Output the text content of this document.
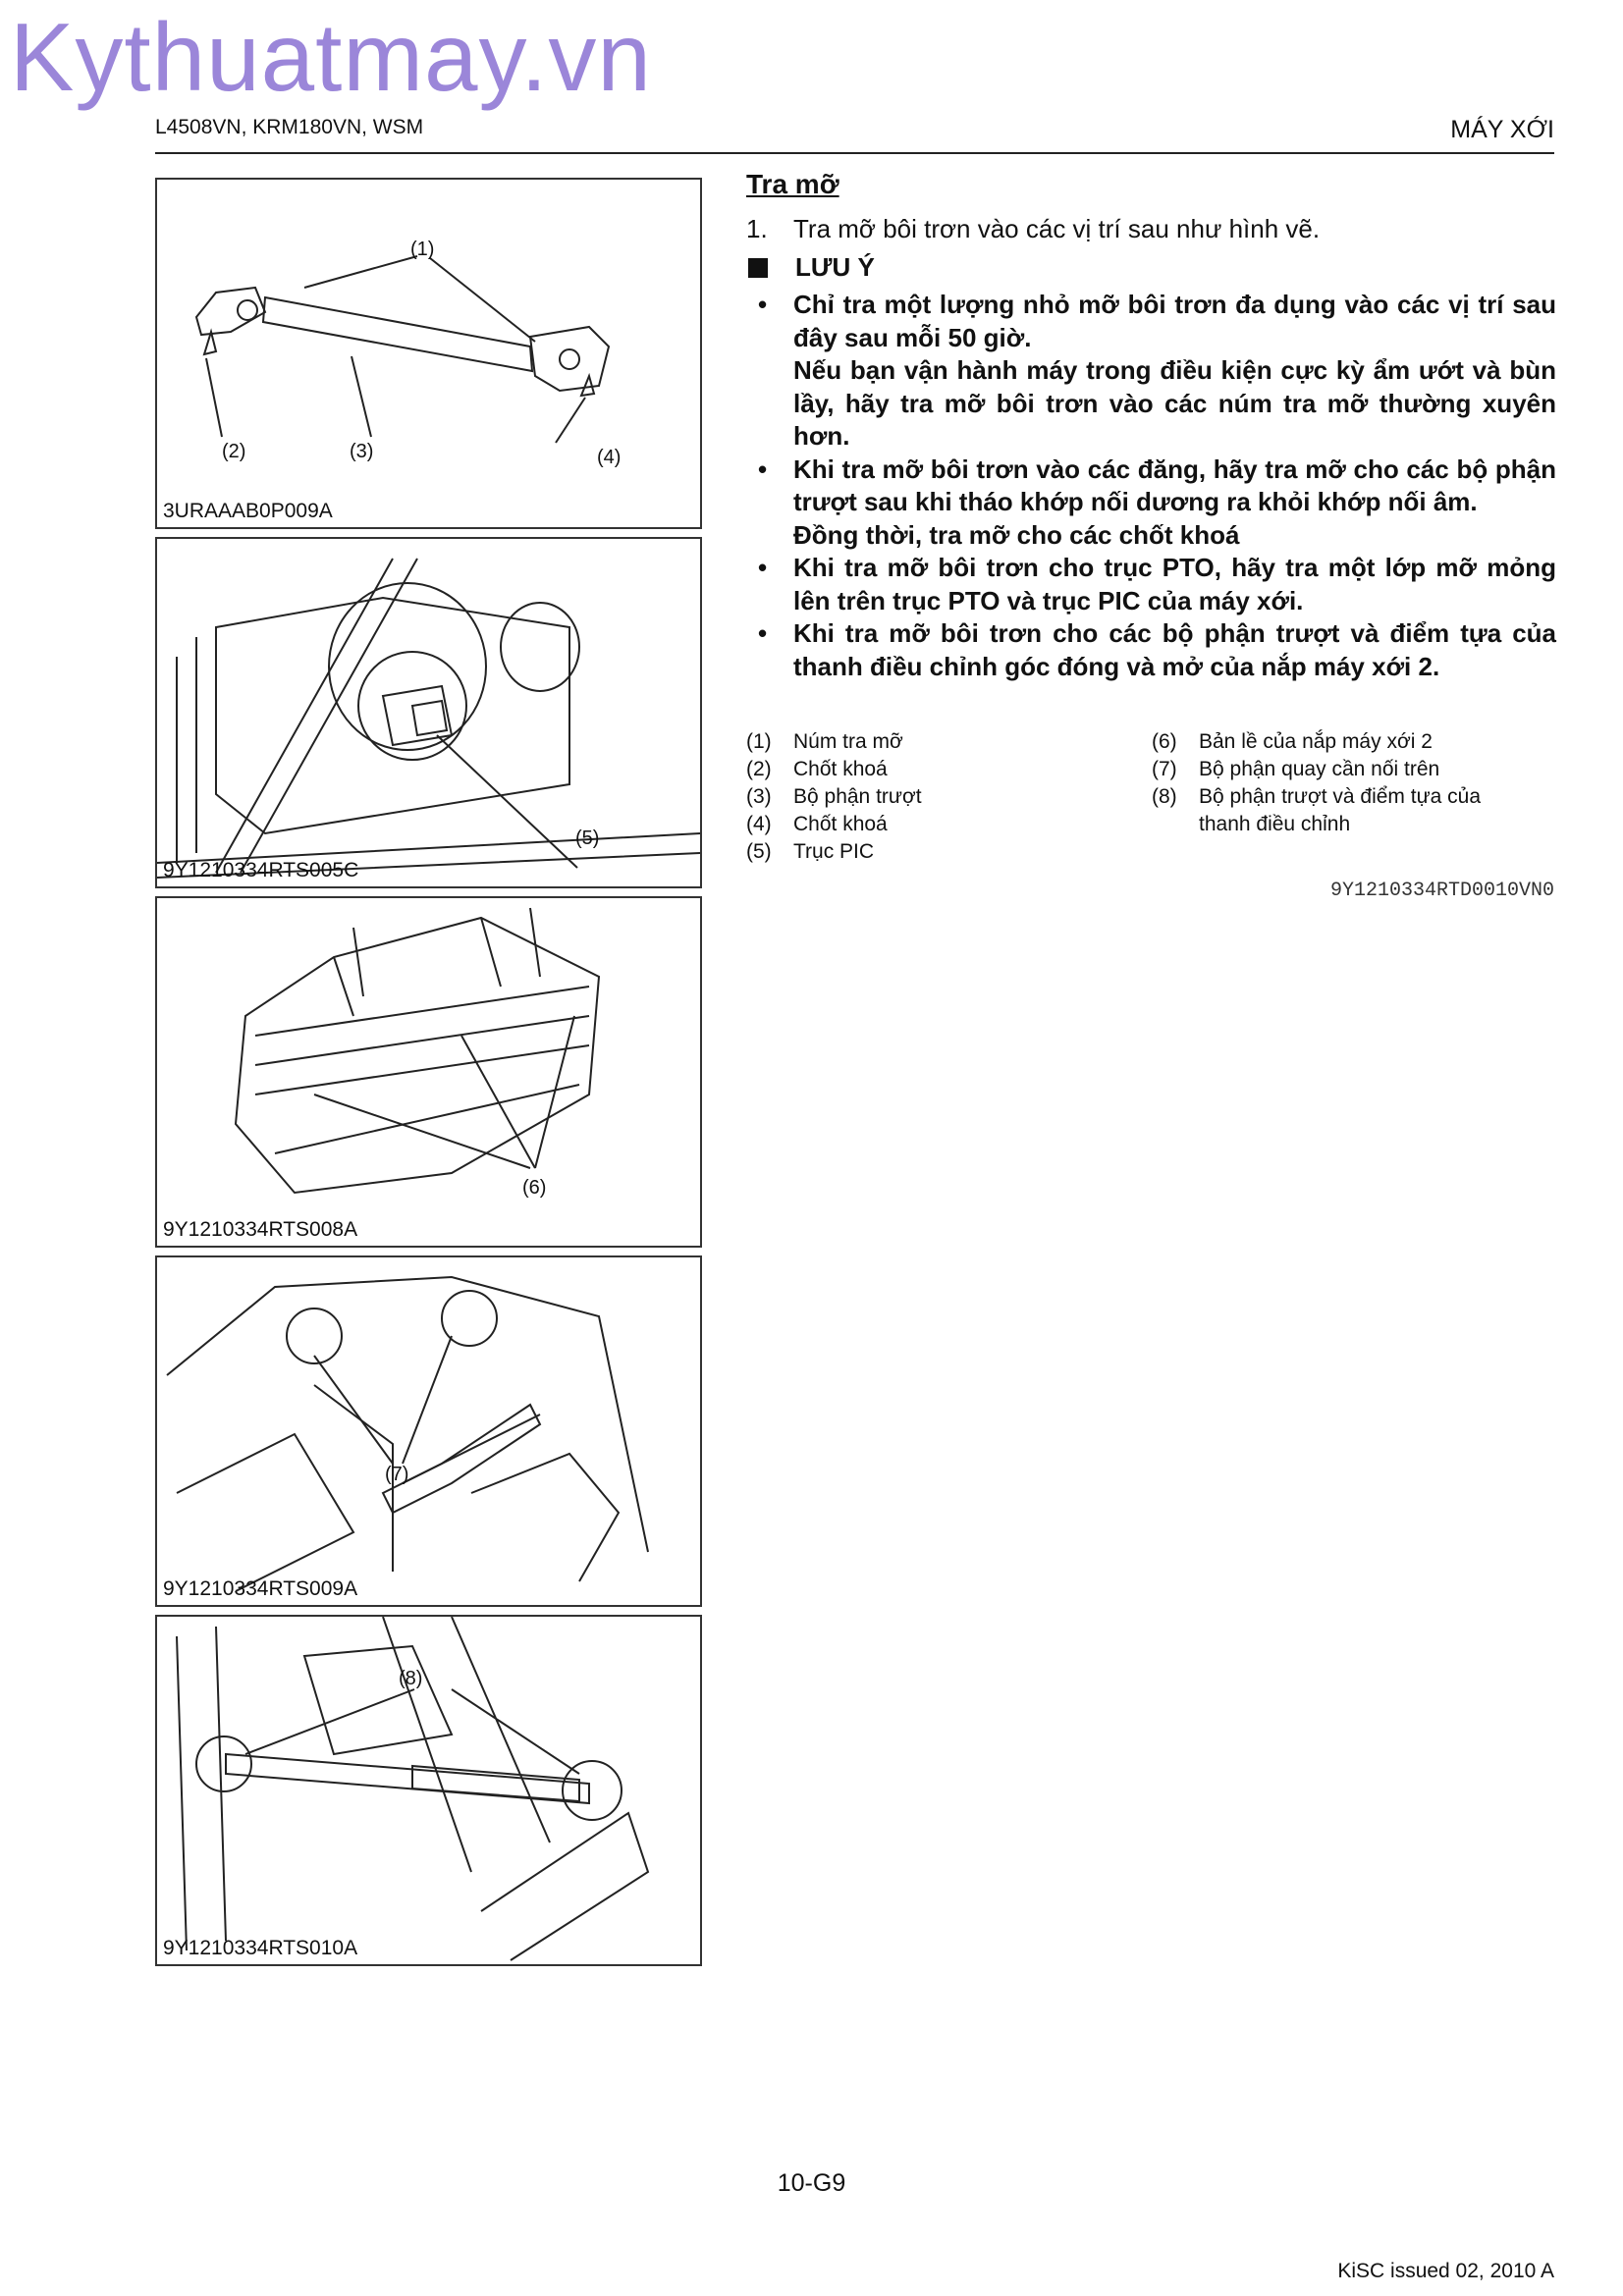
Kythuatmay.vn
L4508VN, KRM180VN, WSM	MÁY XỚI
(1)
(2)	(3)	(4)
3URAAAB0P009A
(5)
9Y1210334RTS005C
(6)
9Y1210334RTS008A
(7)
9Y1210334RTS009A
(8)
9Y1210334RTS010A
Tra mỡ
1.	Tra mỡ bôi trơn vào các vị trí sau như hình vẽ.
LƯU Ý
•	Chỉ tra một lượng nhỏ mỡ bôi trơn đa dụng vào các vị trí sau đây sau mỗi 50 giờ.

Nếu bạn vận hành máy trong điều kiện cực kỳ ẩm ướt và bùn lầy, hãy tra mỡ bôi trơn vào các núm tra mỡ thường xuyên hơn.

•	Khi tra mỡ bôi trơn vào các đăng, hãy tra mỡ cho các bộ phận trượt sau khi tháo khớp nối dương ra khỏi khớp nối âm.

Đồng thời, tra mỡ cho các chốt khoá

•	Khi tra mỡ bôi trơn cho trục PTO, hãy tra một lớp mỡ mỏng lên trên trục PTO và trục PIC của máy xới.

•	Khi tra mỡ bôi trơn cho các bộ phận trượt và điểm tựa của thanh điều chỉnh góc đóng và mở của nắp máy xới 2.

(1)	Núm tra mỡ
(2)	Chốt khoá
(3)	Bộ phận trượt
(4)	Chốt khoá
(5)	Trục PIC
(6)	Bản lề của nắp máy xới 2
(7)	Bộ phận quay cần nối trên
(8)	Bộ phận trượt và điểm tựa của thanh điều chỉnh
9Y1210334RTD0010VN0
10-G9
KiSC issued 02, 2010 A
